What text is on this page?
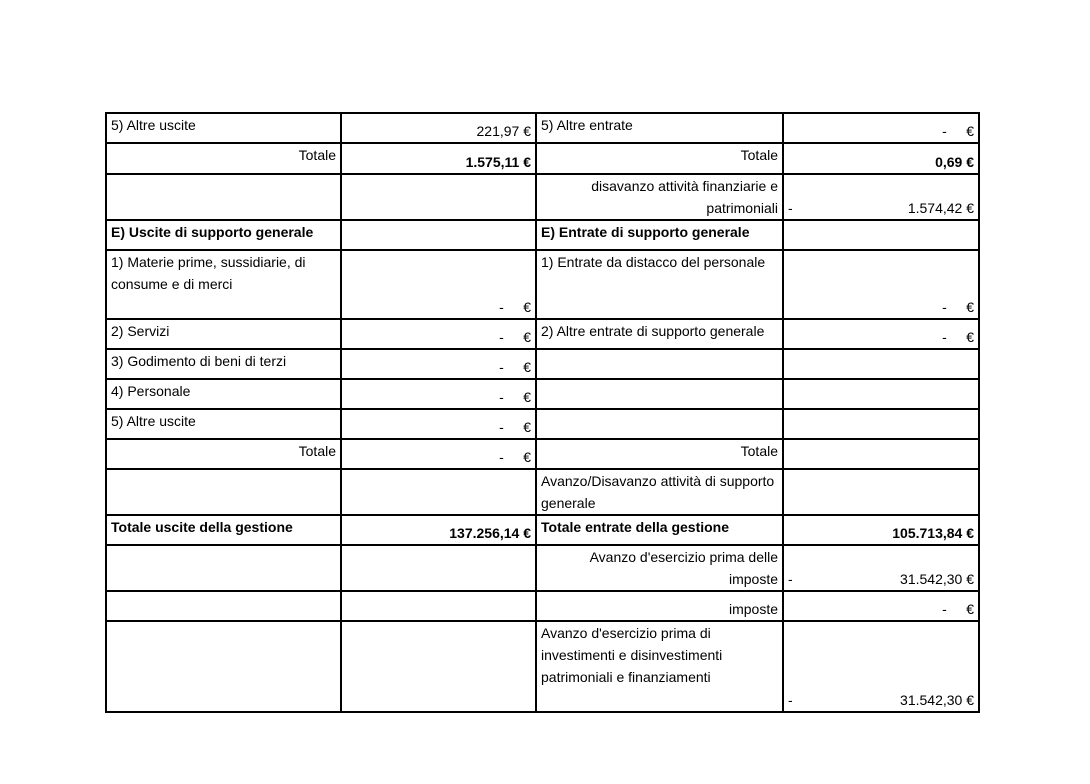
5) Altre uscite	221,97 €	5) Altre entrate	-     €
Totale	1.575,11 €	Totale	0,69 €
		disavanzo attività finanziarie e patrimoniali	- 1.574,42 €

E) Uscite di supporto generale		E) Entrate di supporto generale	
1) Materie prime, sussidiarie, di consume e di merci	-     €	1) Entrate da distacco del personale	-     €
2) Servizi	-     €	2) Altre entrate di supporto generale	-     €
3) Godimento di beni di terzi	-     €		
4) Personale	-     €		
5) Altre uscite	-     €		
Totale	-     €	Totale	
		Avanzo/Disavanzo attività di supporto generale	
Totale uscite della gestione	137.256,14 €	Totale entrate della gestione	105.713,84 €
		Avanzo d'esercizio prima delle imposte	- 31.542,30 €

		imposte	-     €
		Avanzo d'esercizio prima di investimenti e disinvestimenti patrimoniali e finanziamenti	- 31.542,30 €
